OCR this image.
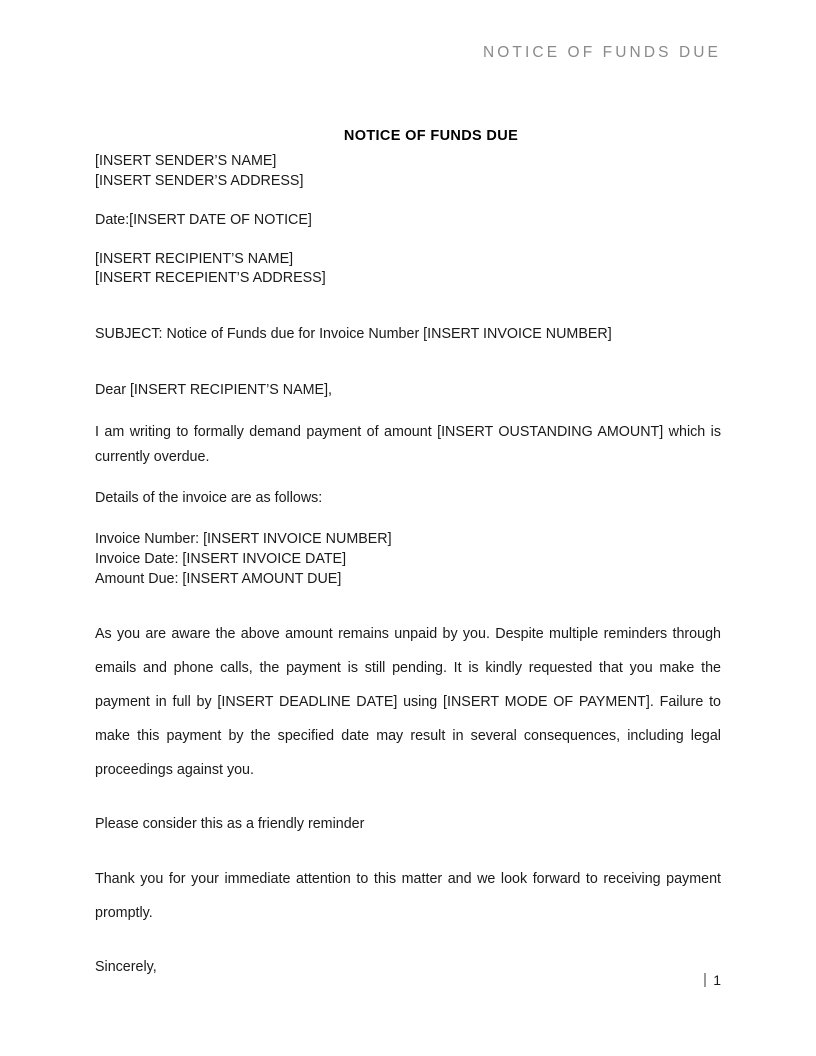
NOTICE OF FUNDS DUE
NOTICE OF FUNDS DUE

[INSERT SENDER’S NAME]

[INSERT SENDER’S ADDRESS]

Date:[INSERT DATE OF NOTICE]

[INSERT RECIPIENT’S NAME]

[INSERT RECEPIENT’S ADDRESS]

SUBJECT: Notice of Funds due for Invoice Number [INSERT INVOICE NUMBER]

Dear [INSERT RECIPIENT’S NAME],

I am writing to formally demand payment of amount [INSERT OUSTANDING AMOUNT] which is currently overdue.

Details of the invoice are as follows:

Invoice Number: [INSERT INVOICE NUMBER]

Invoice Date: [INSERT INVOICE DATE]

Amount Due: [INSERT AMOUNT DUE]

As you are aware the above amount remains unpaid by you. Despite multiple reminders through emails and phone calls, the payment is still pending. It is kindly requested that you make the payment in full by [INSERT DEADLINE DATE] using [INSERT MODE OF PAYMENT]. Failure to make this payment by the specified date may result in several consequences, including legal proceedings against you.

Please consider this as a friendly reminder

Thank you for your immediate attention to this matter and we look forward to receiving payment promptly.

Sincerely,

1
